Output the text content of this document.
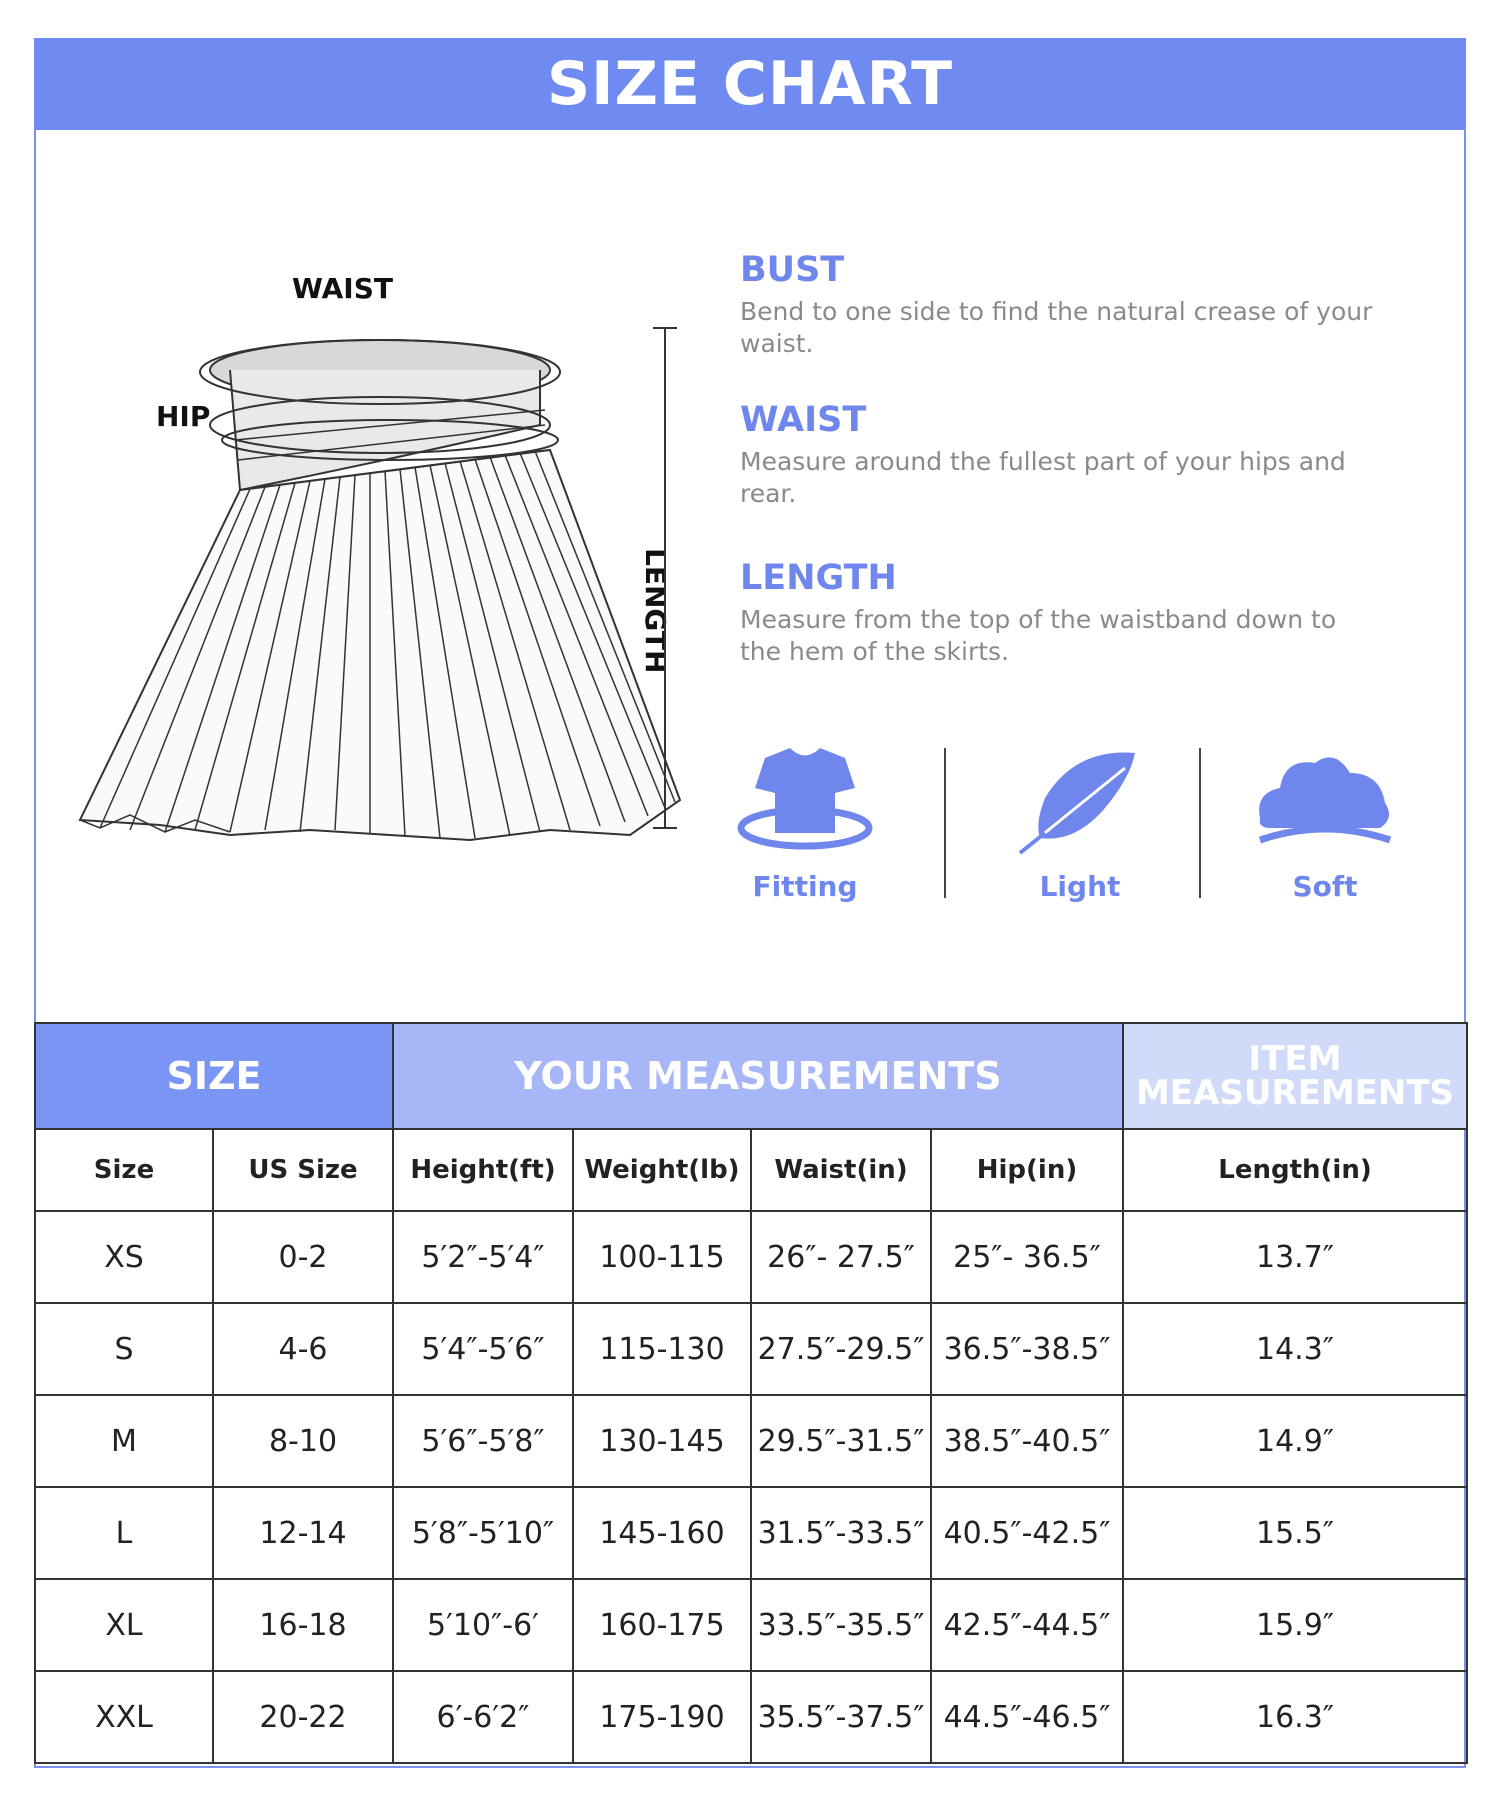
SIZE CHART
WAIST
HIP
LENGTH
BUST

Bend to one side to find the natural crease of your waist.

WAIST

Measure around the fullest part of your hips and rear.

LENGTH

Measure from the top of the waistband down to the hem of the skirts.

Fitting	Light	Soft
SIZE		YOUR MEASUREMENTS				ITEM MEASUREMENTS
Size	US Size	Height(ft)	Weight(lb)	Waist(in)	Hip(in)	Length(in)
XS	0-2	5′2″-5′4″	100-115	26″- 27.5″	25″- 36.5″	13.7″
S	4-6	5′4″-5′6″	115-130	27.5″-29.5″	36.5″-38.5″	14.3″
M	8-10	5′6″-5′8″	130-145	29.5″-31.5″	38.5″-40.5″	14.9″
L	12-14	5′8″-5′10″	145-160	31.5″-33.5″	40.5″-42.5″	15.5″
XL	16-18	5′10″-6′	160-175	33.5″-35.5″	42.5″-44.5″	15.9″
XXL	20-22	6′-6′2″	175-190	35.5″-37.5″	44.5″-46.5″	16.3″
